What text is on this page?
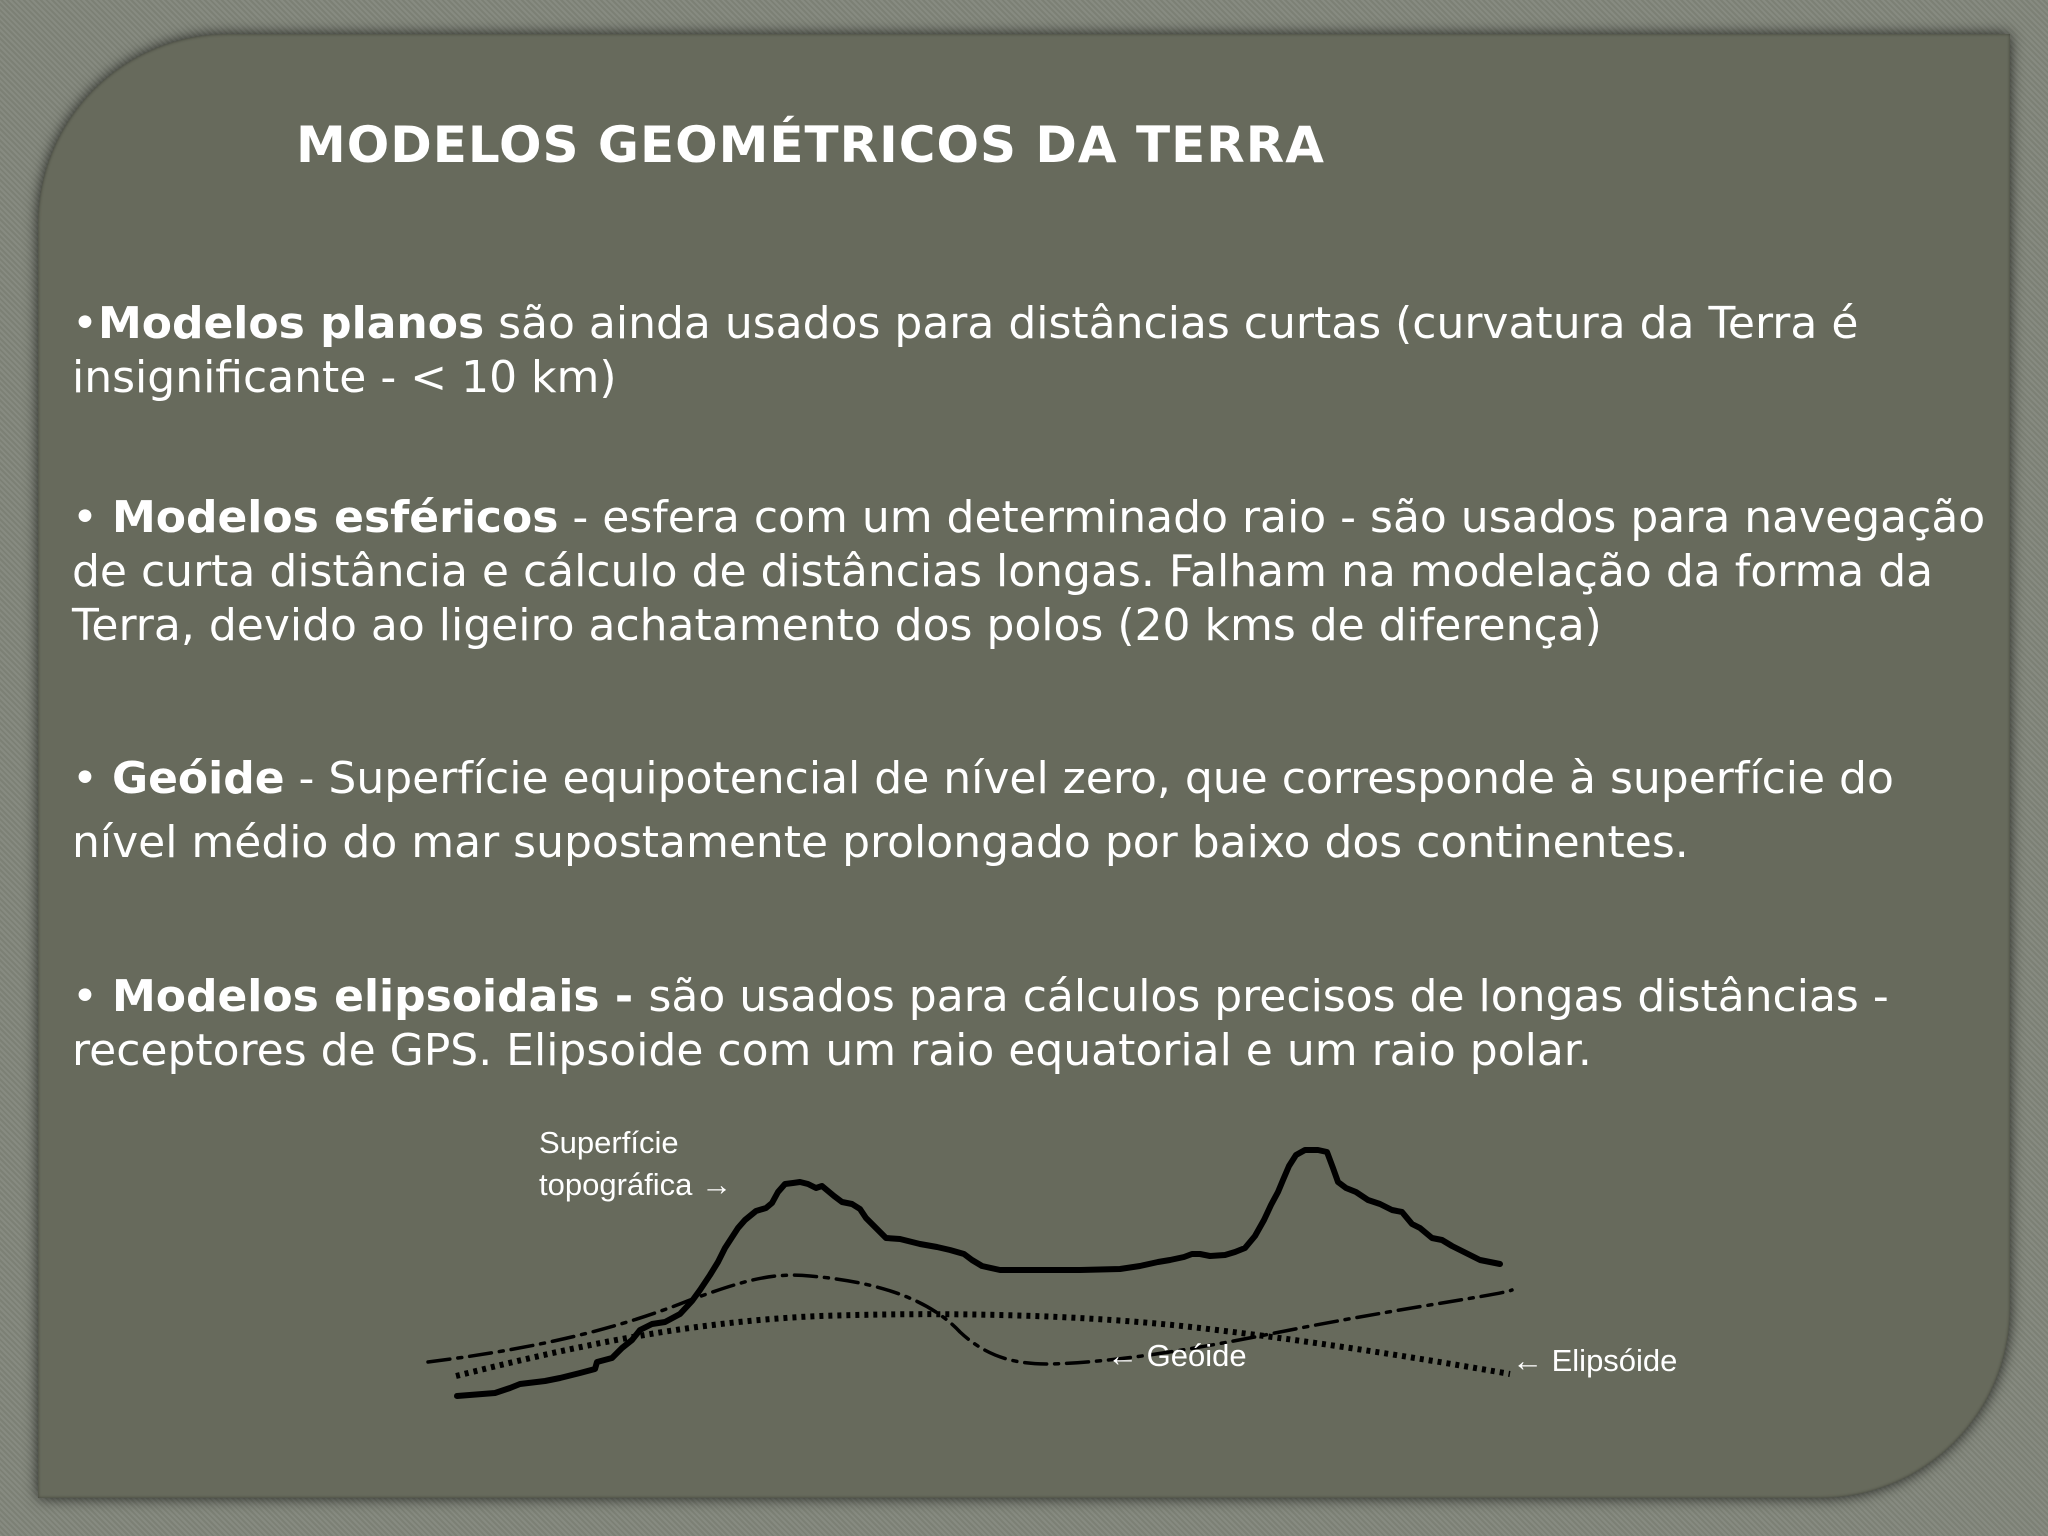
MODELOS GEOMÉTRICOS DA TERRA

•Modelos planos são ainda usados para distâncias curtas (curvatura da Terra é insignificante - < 10 km)

• Modelos esféricos - esfera com um determinado raio - são usados para navegação de curta distância e cálculo de distâncias longas. Falham na modelação da forma da Terra, devido ao ligeiro achatamento dos polos (20 kms de diferença)

• Geóide - Superfície equipotencial de nível zero, que corresponde à superfície do nível médio do mar supostamente prolongado por baixo dos continentes.

• Modelos elipsoidais - são usados para cálculos precisos de longas distâncias - receptores de GPS. Elipsoide com um raio equatorial e um raio polar.

Superfície
topográfica →

← Geóide	← Elipsóide
